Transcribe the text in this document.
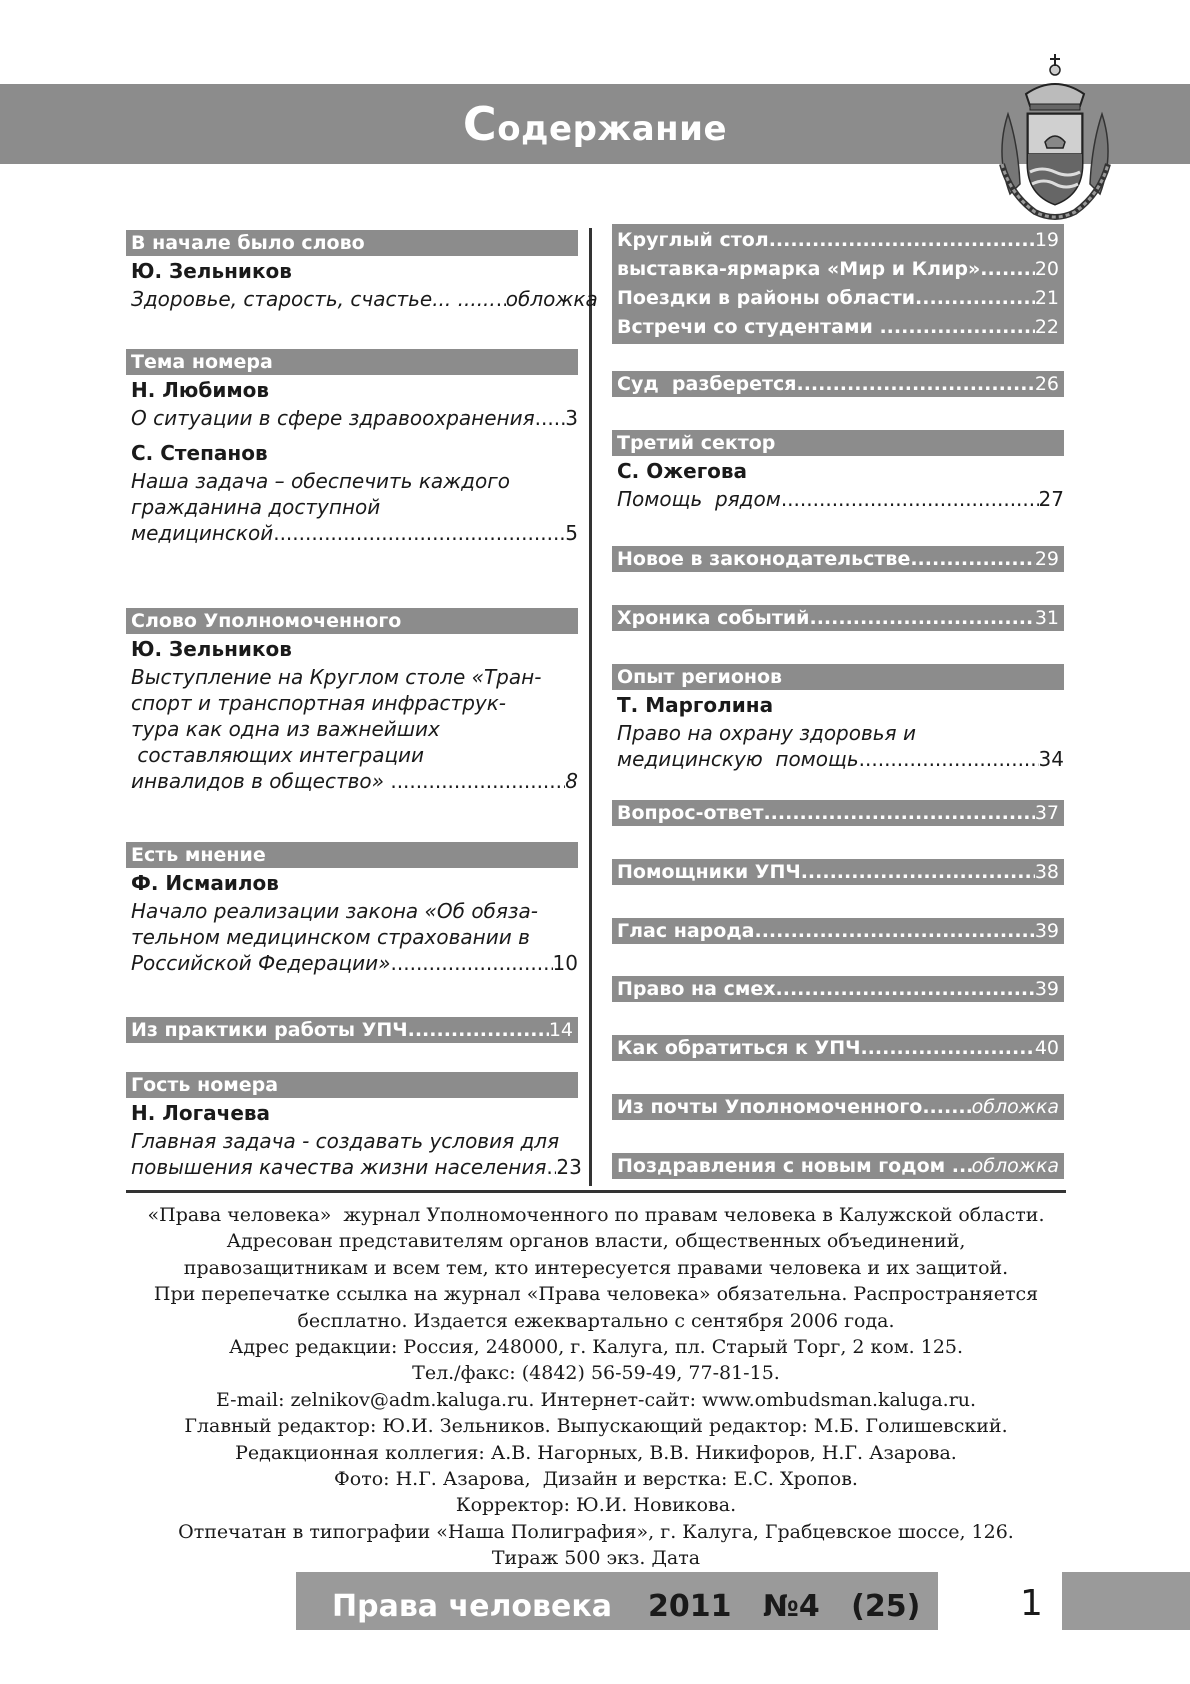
Содержание
В начале было слово
Ю. Зельников
Здоровье, старость, счастье... ...... ..... обложка
Тема номера
Н. Любимов
О ситуации в сфере здравоохранения ..... 3
С. Степанов
Наша задача – обеспечить каждого
гражданина доступной
медицинской .....	5
Слово Уполномоченного
Ю. Зельников
Выступление на Круглом столе «Тран-
спорт и транспортная инфраструк-
тура как одна из важнейших
составляющих интеграции
инвалидов в общество» .....	8
Есть мнение
Ф. Исмаилов
Начало реализации закона «Об обяза-
тельном медицинском страховании в
Российской Федерации» .....	10
Из практики работы УПЧ .....	14
Гость номера
Н. Логачева
Главная задача - создавать условия для
повышения качества жизни населения ..... 23
Круглый стол .....	19
выставка-ярмарка «Мир и Клир» .....	20
Поездки в районы области .....	21
Встречи со студентами .....	22
Суд  разберется .....	26
Третий сектор
С. Ожегова
Помощь  рядом .....	27
Новое в законодательстве .....	29
Хроника событий .....	31
Опыт регионов
Т. Марголина
Право на охрану здоровья и
медицинскую  помощь .....	34
Вопрос-ответ .....	37
Помощники УПЧ .....	38
Глас народа .....	39
Право на смех .....	39
Как обратиться к УПЧ .....	40
Из почты Уполномоченного .....	обложка
Поздравления с новым годом ..... обложка
«Права человека»  журнал Уполномоченного по правам человека в Калужской области.
Адресован представителям органов власти, общественных объединений,
правозащитникам и всем тем, кто интересуется правами человека и их защитой.
При перепечатке ссылка на журнал «Права человека» обязательна. Распространяется
бесплатно. Издается ежеквартально с сентября 2006 года.
Адрес редакции: Россия, 248000, г. Калуга, пл. Старый Торг, 2 ком. 125.
Тел./факс: (4842) 56-59-49, 77-81-15.
E-mail: zelnikov@adm.kaluga.ru. Интернет-сайт: www.ombudsman.kaluga.ru.
Главный редактор: Ю.И. Зельников. Выпускающий редактор: М.Б. Голишевский.
Редакционная коллегия: А.В. Нагорных, В.В. Никифоров, Н.Г. Азарова.
Фото: Н.Г. Азарова,  Дизайн и верстка: Е.С. Хропов.
Корректор: Ю.И. Новикова.
Отпечатан в типографии «Наша Полиграфия», г. Калуга, Грабцевское шоссе, 126.
Тираж 500 экз. Дата
Права человека 2011   №4   (25)	1
